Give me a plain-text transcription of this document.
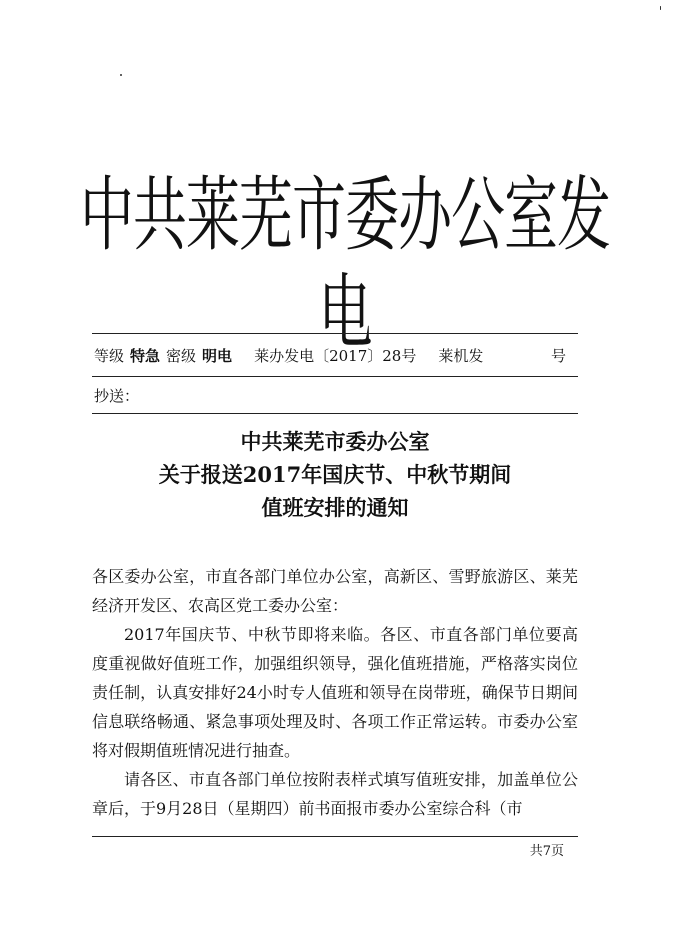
中共莱芜市委办公室发电
等级 特急 密级 明电 莱办发电〔2017〕28号 莱机发	号
抄送：
中共莱芜市委办公室
关于报送2017年国庆节、中秋节期间
值班安排的通知

各区委办公室，市直各部门单位办公室，高新区、雪野旅游区、莱芜经济开发区、农高区党工委办公室：

2017年国庆节、中秋节即将来临。各区、市直各部门单位要高度重视做好值班工作，加强组织领导，强化值班措施，严格落实岗位责任制，认真安排好24小时专人值班和领导在岗带班，确保节日期间信息联络畅通、紧急事项处理及时、各项工作正常运转。市委办公室将对假期值班情况进行抽查。

请各区、市直各部门单位按附表样式填写值班安排，加盖单位公章后，于9月28日（星期四）前书面报市委办公室综合科（市

共7页
